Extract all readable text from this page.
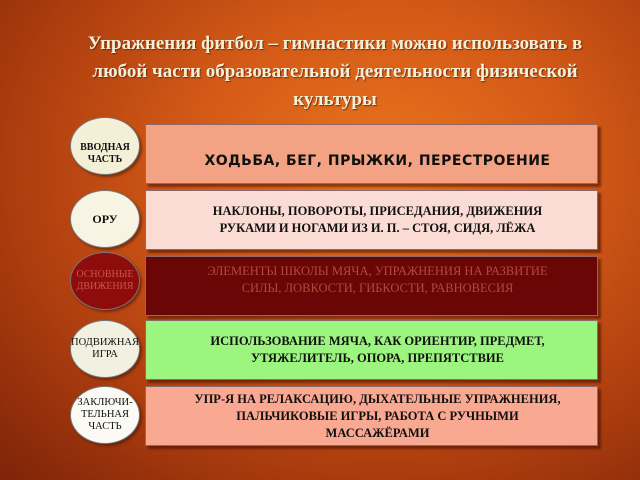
Упражнения фитбол – гимнастики можно использовать в любой части образовательной деятельности физической культуры
ХОДЬБА, БЕГ, ПРЫЖКИ, ПЕРЕСТРОЕНИЕ
ВВОДНАЯ ЧАСТЬ
НАКЛОНЫ, ПОВОРОТЫ, ПРИСЕДАНИЯ, ДВИЖЕНИЯ РУКАМИ И НОГАМИ ИЗ И. П. – СТОЯ, СИДЯ, ЛЁЖА
ОРУ
ЭЛЕМЕНТЫ ШКОЛЫ МЯЧА, УПРАЖНЕНИЯ НА РАЗВИТИЕ СИЛЫ, ЛОВКОСТИ, ГИБКОСТИ, РАВНОВЕСИЯ
ОСНОВНЫЕ ДВИЖЕНИЯ
ИСПОЛЬЗОВАНИЕ МЯЧА, КАК ОРИЕНТИР, ПРЕДМЕТ, УТЯЖЕЛИТЕЛЬ, ОПОРА, ПРЕПЯТСТВИЕ
ПОДВИЖНАЯ ИГРА
УПР-Я НА РЕЛАКСАЦИЮ, ДЫХАТЕЛЬНЫЕ УПРАЖНЕНИЯ, ПАЛЬЧИКОВЫЕ ИГРЫ, РАБОТА С РУЧНЫМИ МАССАЖЁРАМИ
ЗАКЛЮЧИ-ТЕЛЬНАЯ ЧАСТЬ
